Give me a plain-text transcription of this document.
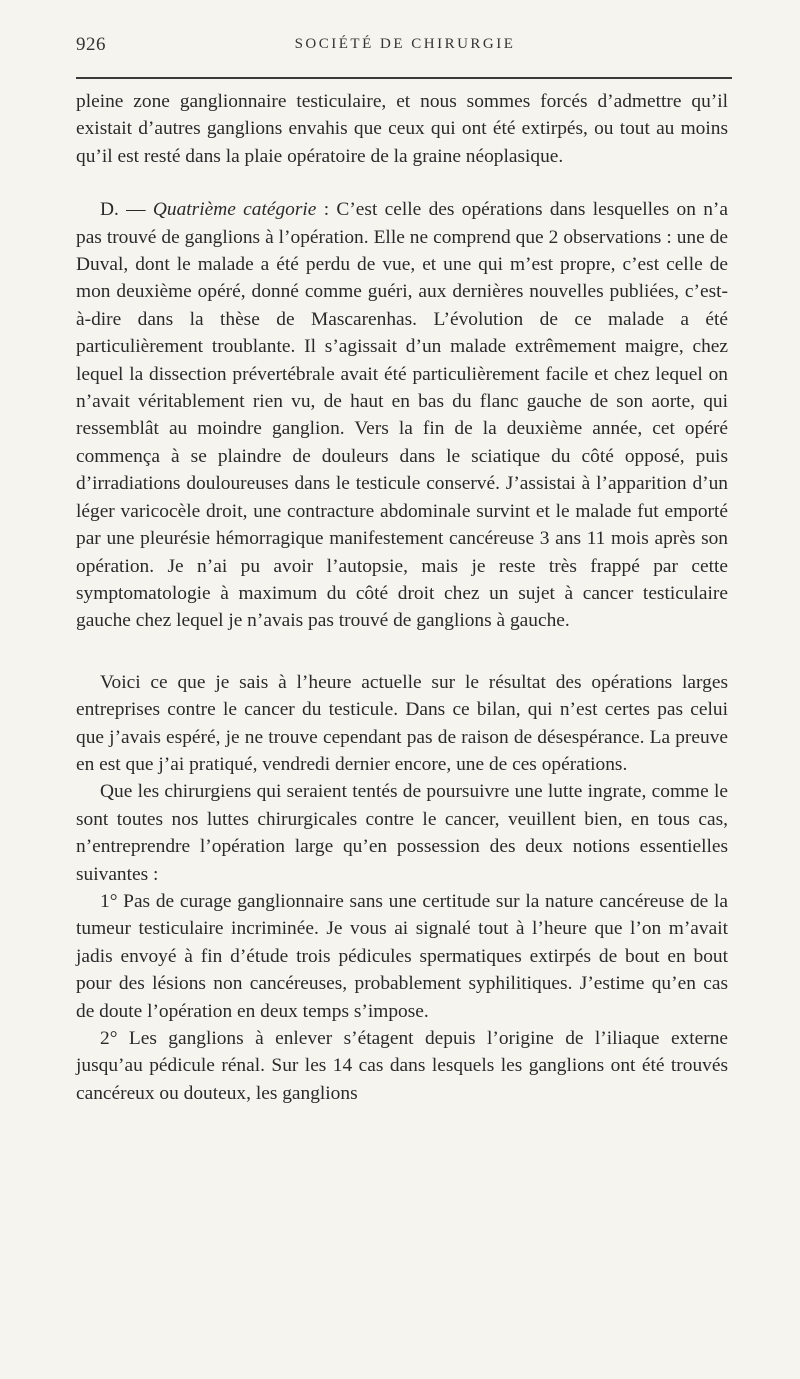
926	SOCIÉTÉ DE CHIRURGIE

pleine zone ganglionnaire testiculaire, et nous sommes forcés d’admettre qu’il existait d’autres ganglions envahis que ceux qui ont été extirpés, ou tout au moins qu’il est resté dans la plaie opératoire de la graine néoplasique.

D. — Quatrième catégorie : C’est celle des opérations dans lesquelles on n’a pas trouvé de ganglions à l’opération. Elle ne comprend que 2 observations : une de Duval, dont le malade a été perdu de vue, et une qui m’est propre, c’est celle de mon deuxième opéré, donné comme guéri, aux dernières nouvelles publiées, c’est-à-dire dans la thèse de Mascarenhas. L’évolution de ce malade a été particulièrement troublante. Il s’agissait d’un malade extrêmement maigre, chez lequel la dissection prévertébrale avait été particulièrement facile et chez lequel on n’avait véritablement rien vu, de haut en bas du flanc gauche de son aorte, qui ressemblât au moindre ganglion. Vers la fin de la deuxième année, cet opéré commença à se plaindre de douleurs dans le sciatique du côté opposé, puis d’irradiations douloureuses dans le testicule conservé. J’assistai à l’apparition d’un léger varicocèle droit, une contracture abdominale survint et le malade fut emporté par une pleurésie hémorragique manifestement cancéreuse 3 ans 11 mois après son opération. Je n’ai pu avoir l’autopsie, mais je reste très frappé par cette symptomatologie à maximum du côté droit chez un sujet à cancer testiculaire gauche chez lequel je n’avais pas trouvé de ganglions à gauche.

Voici ce que je sais à l’heure actuelle sur le résultat des opérations larges entreprises contre le cancer du testicule. Dans ce bilan, qui n’est certes pas celui que j’avais espéré, je ne trouve cependant pas de raison de désespérance. La preuve en est que j’ai pratiqué, vendredi dernier encore, une de ces opérations.

Que les chirurgiens qui seraient tentés de poursuivre une lutte ingrate, comme le sont toutes nos luttes chirurgicales contre le cancer, veuillent bien, en tous cas, n’entreprendre l’opération large qu’en possession des deux notions essentielles suivantes :

1° Pas de curage ganglionnaire sans une certitude sur la nature cancéreuse de la tumeur testiculaire incriminée. Je vous ai signalé tout à l’heure que l’on m’avait jadis envoyé à fin d’étude trois pédicules spermatiques extirpés de bout en bout pour des lésions non cancéreuses, probablement syphilitiques. J’estime qu’en cas de doute l’opération en deux temps s’impose.

2° Les ganglions à enlever s’étagent depuis l’origine de l’iliaque externe jusqu’au pédicule rénal. Sur les 14 cas dans lesquels les ganglions ont été trouvés cancéreux ou douteux, les ganglions
